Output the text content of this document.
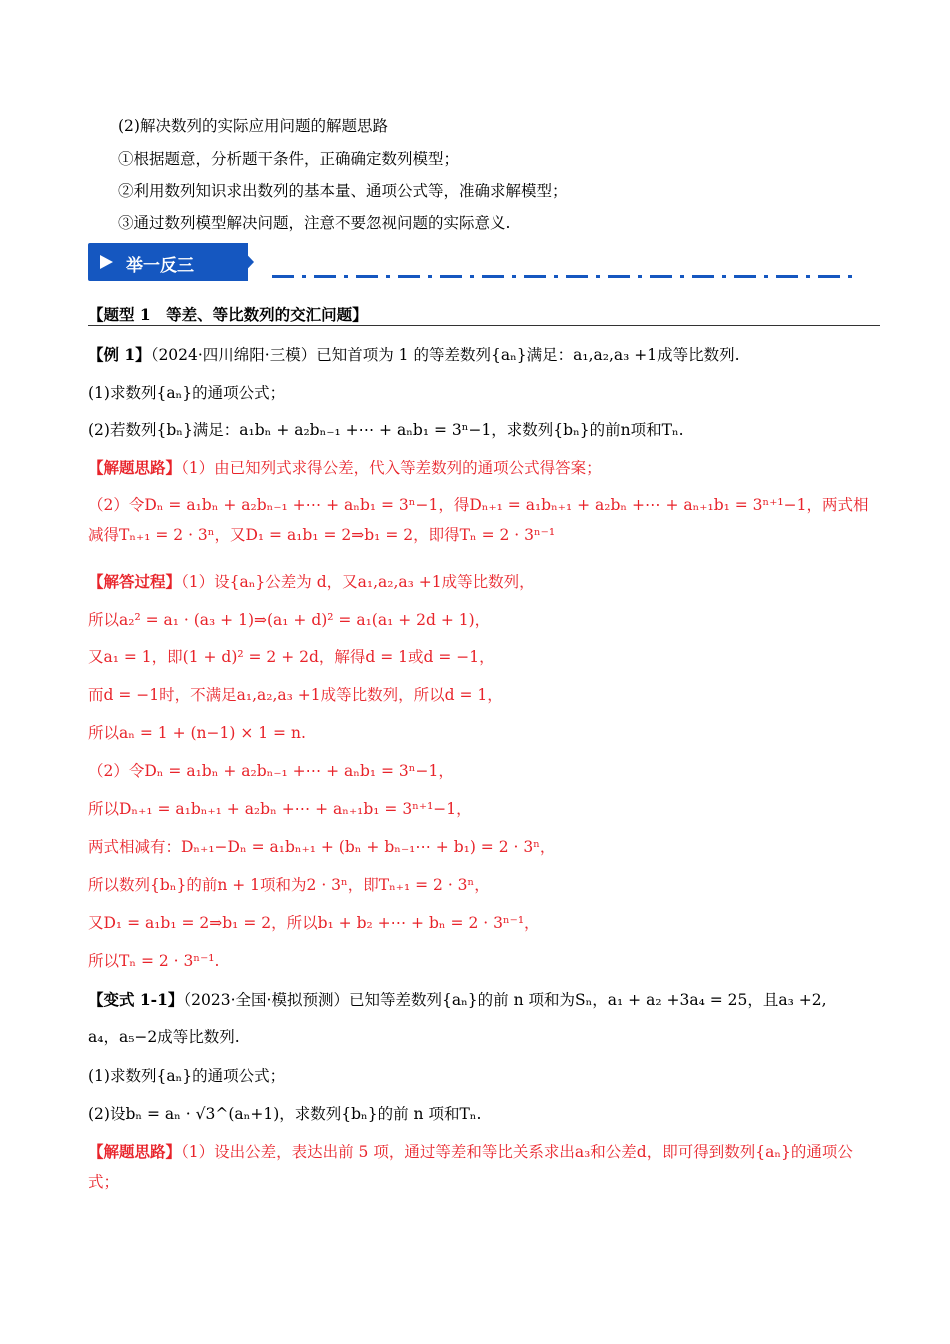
(2)解决数列的实际应用问题的解题思路
①根据题意，分析题干条件，正确确定数列模型；
②利用数列知识求出数列的基本量、通项公式等，准确求解模型；
③通过数列模型解决问题，注意不要忽视问题的实际意义.
举一反三
【题型 1　等差、等比数列的交汇问题】
【例 1】（2024·四川绵阳·三模）已知首项为 1 的等差数列{aₙ}满足：a₁,a₂,a₃ +1成等比数列.
(1)求数列{aₙ}的通项公式；
(2)若数列{bₙ}满足：a₁bₙ + a₂bₙ₋₁ +⋯ + aₙb₁ = 3ⁿ−1，求数列{bₙ}的前n项和Tₙ.
【解题思路】（1）由已知列式求得公差，代入等差数列的通项公式得答案；
（2）令Dₙ = a₁bₙ + a₂bₙ₋₁ +⋯ + aₙb₁ = 3ⁿ−1，得Dₙ₊₁ = a₁bₙ₊₁ + a₂bₙ +⋯ + aₙ₊₁b₁ = 3ⁿ⁺¹−1，两式相减得Tₙ₊₁ = 2 · 3ⁿ，又D₁ = a₁b₁ = 2⇒b₁ = 2，即得Tₙ = 2 · 3ⁿ⁻¹
【解答过程】（1）设{aₙ}公差为 d，又a₁,a₂,a₃ +1成等比数列，
所以a₂² = a₁ · (a₃ + 1)⇒(a₁ + d)² = a₁(a₁ + 2d + 1)，
又a₁ = 1，即(1 + d)² = 2 + 2d，解得d = 1或d = −1，
而d = −1时，不满足a₁,a₂,a₃ +1成等比数列，所以d = 1，
所以aₙ = 1 + (n−1) × 1 = n.
（2）令Dₙ = a₁bₙ + a₂bₙ₋₁ +⋯ + aₙb₁ = 3ⁿ−1，
所以Dₙ₊₁ = a₁bₙ₊₁ + a₂bₙ +⋯ + aₙ₊₁b₁ = 3ⁿ⁺¹−1，
两式相减有：Dₙ₊₁−Dₙ = a₁bₙ₊₁ + (bₙ + bₙ₋₁⋯ + b₁) = 2 · 3ⁿ，
所以数列{bₙ}的前n + 1项和为2 · 3ⁿ，即Tₙ₊₁ = 2 · 3ⁿ，
又D₁ = a₁b₁ = 2⇒b₁ = 2，所以b₁ + b₂ +⋯ + bₙ = 2 · 3ⁿ⁻¹，
所以Tₙ = 2 · 3ⁿ⁻¹.
【变式 1-1】（2023·全国·模拟预测）已知等差数列{aₙ}的前 n 项和为Sₙ，a₁ + a₂ +3a₄ = 25，且a₃ +2,
a₄，a₅−2成等比数列.
(1)求数列{aₙ}的通项公式；
(2)设bₙ = aₙ · √3^(aₙ+1)，求数列{bₙ}的前 n 项和Tₙ.
【解题思路】（1）设出公差，表达出前 5 项，通过等差和等比关系求出a₃和公差d，即可得到数列{aₙ}的通项公式；
